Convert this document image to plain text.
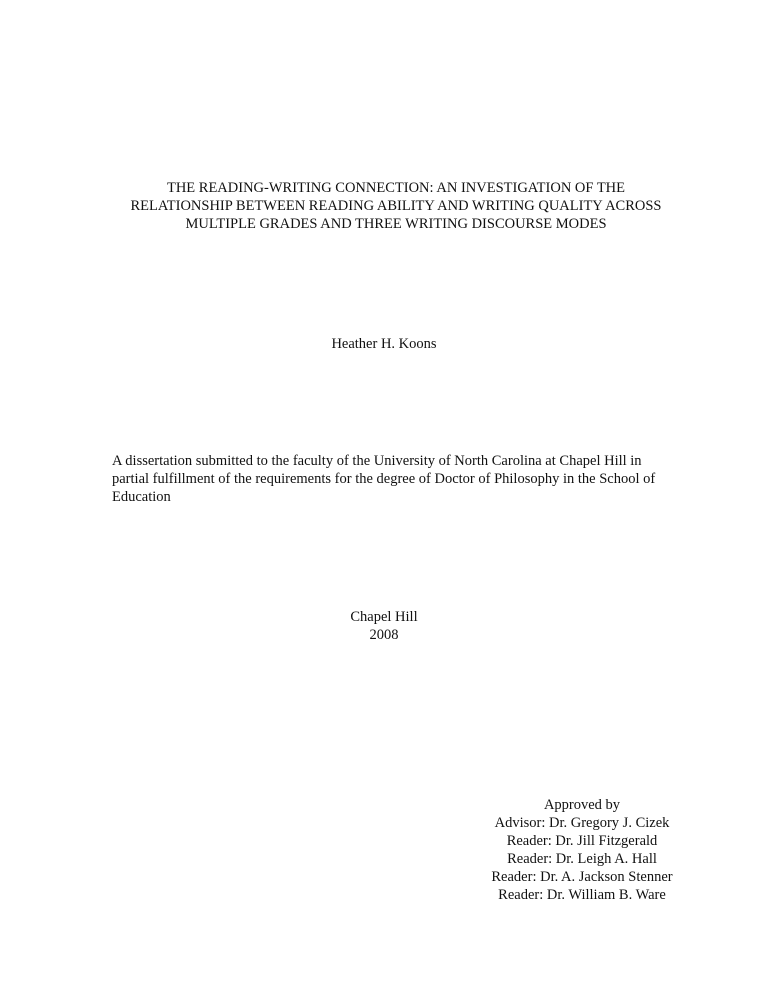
THE READING-WRITING CONNECTION: AN INVESTIGATION OF THE
RELATIONSHIP BETWEEN READING ABILITY AND WRITING QUALITY ACROSS
MULTIPLE GRADES AND THREE WRITING DISCOURSE MODES
Heather H. Koons
A dissertation submitted to the faculty of the University of North Carolina at Chapel Hill in
partial fulfillment of the requirements for the degree of Doctor of Philosophy in the School of
Education
Chapel Hill
2008
Approved by
Advisor: Dr. Gregory J. Cizek
Reader: Dr. Jill Fitzgerald
Reader: Dr. Leigh A. Hall
Reader: Dr. A. Jackson Stenner
Reader: Dr. William B. Ware
